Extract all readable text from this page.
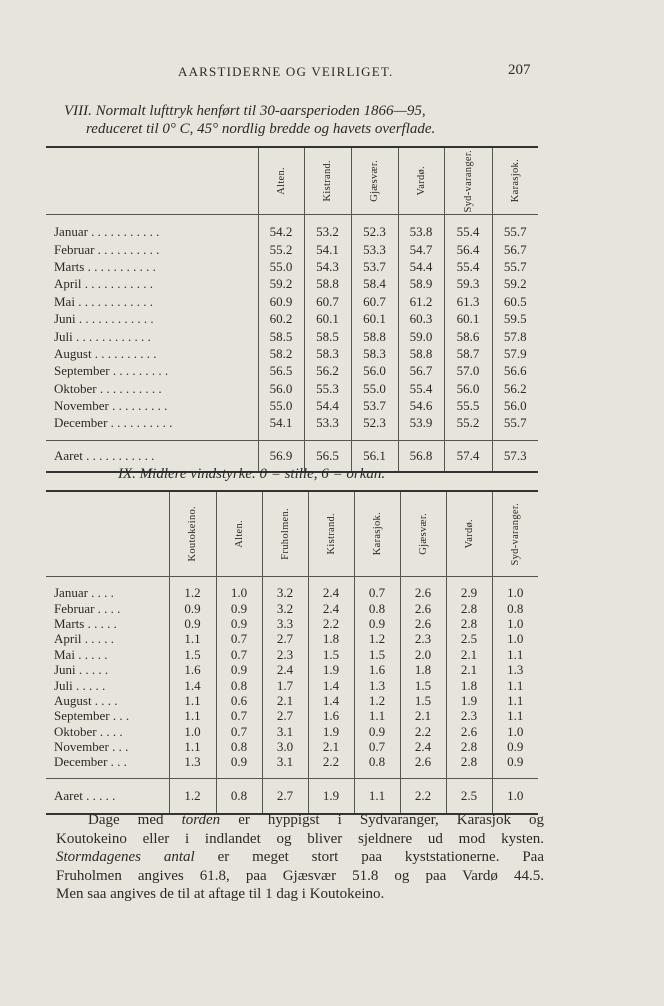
AARSTIDERNE OG VEIRLIGET.	207
VIII. Normalt lufttryk henført til 30-aarsperioden 1866—95,
reduceret til 0° C, 45° nordlig bredde og havets overflade.

	Alten.	Kistrand.	Gjæsvær.	Vardø.	Syd-varanger.	Karasjok.

Januar . . . . . . . . . . .	54.2	53.2	52.3	53.8	55.4	55.7
Februar . . . . . . . . . .	55.2	54.1	53.3	54.7	56.4	56.7
Marts . . . . . . . . . . .	55.0	54.3	53.7	54.4	55.4	55.7
April . . . . . . . . . . .	59.2	58.8	58.4	58.9	59.3	59.2
Mai . . . . . . . . . . . .	60.9	60.7	60.7	61.2	61.3	60.5
Juni . . . . . . . . . . . .	60.2	60.1	60.1	60.3	60.1	59.5
Juli . . . . . . . . . . . .	58.5	58.5	58.8	59.0	58.6	57.8
August . . . . . . . . . .	58.2	58.3	58.3	58.8	58.7	57.9
September . . . . . . . . .	56.5	56.2	56.0	56.7	57.0	56.6
Oktober . . . . . . . . . .	56.0	55.3	55.0	55.4	56.0	56.2
November . . . . . . . . .	55.0	54.4	53.7	54.6	55.5	56.0
December . . . . . . . . . .	54.1	53.3	52.3	53.9	55.2	55.7

Aaret . . . . . . . . . . .	56.9	56.5	56.1	56.8	57.4	57.3
IX. Midlere vindstyrke. 0 = stille, 6 = orkan.

	Koutokeino.	Alten.	Fruholmen.	Kistrand.	Karasjok.	Gjæsvær.	Vardø.	Syd-varanger.

Januar . . . .	1.2	1.0	3.2	2.4	0.7	2.6	2.9	1.0
Februar . . . .	0.9	0.9	3.2	2.4	0.8	2.6	2.8	0.8
Marts . . . . .	0.9	0.9	3.3	2.2	0.9	2.6	2.8	1.0
April . . . . .	1.1	0.7	2.7	1.8	1.2	2.3	2.5	1.0
Mai . . . . .	1.5	0.7	2.3	1.5	1.5	2.0	2.1	1.1
Juni . . . . .	1.6	0.9	2.4	1.9	1.6	1.8	2.1	1.3
Juli . . . . .	1.4	0.8	1.7	1.4	1.3	1.5	1.8	1.1
August . . . .	1.1	0.6	2.1	1.4	1.2	1.5	1.9	1.1
September . . .	1.1	0.7	2.7	1.6	1.1	2.1	2.3	1.1
Oktober . . . .	1.0	0.7	3.1	1.9	0.9	2.2	2.6	1.0
November . . .	1.1	0.8	3.0	2.1	0.7	2.4	2.8	0.9
December . . .	1.3	0.9	3.1	2.2	0.8	2.6	2.8	0.9

Aaret . . . . .	1.2	0.8	2.7	1.9	1.1	2.2	2.5	1.0

Dage med torden er hyppigst i Sydvaranger, Karasjok og

Koutokeino eller i indlandet og bliver sjeldnere ud mod kysten.

Stormdagenes antal er meget stort paa kyststationerne. Paa

Fruholmen angives 61.8, paa Gjæsvær 51.8 og paa Vardø 44.5.

Men saa angives de til at aftage til 1 dag i Koutokeino.
